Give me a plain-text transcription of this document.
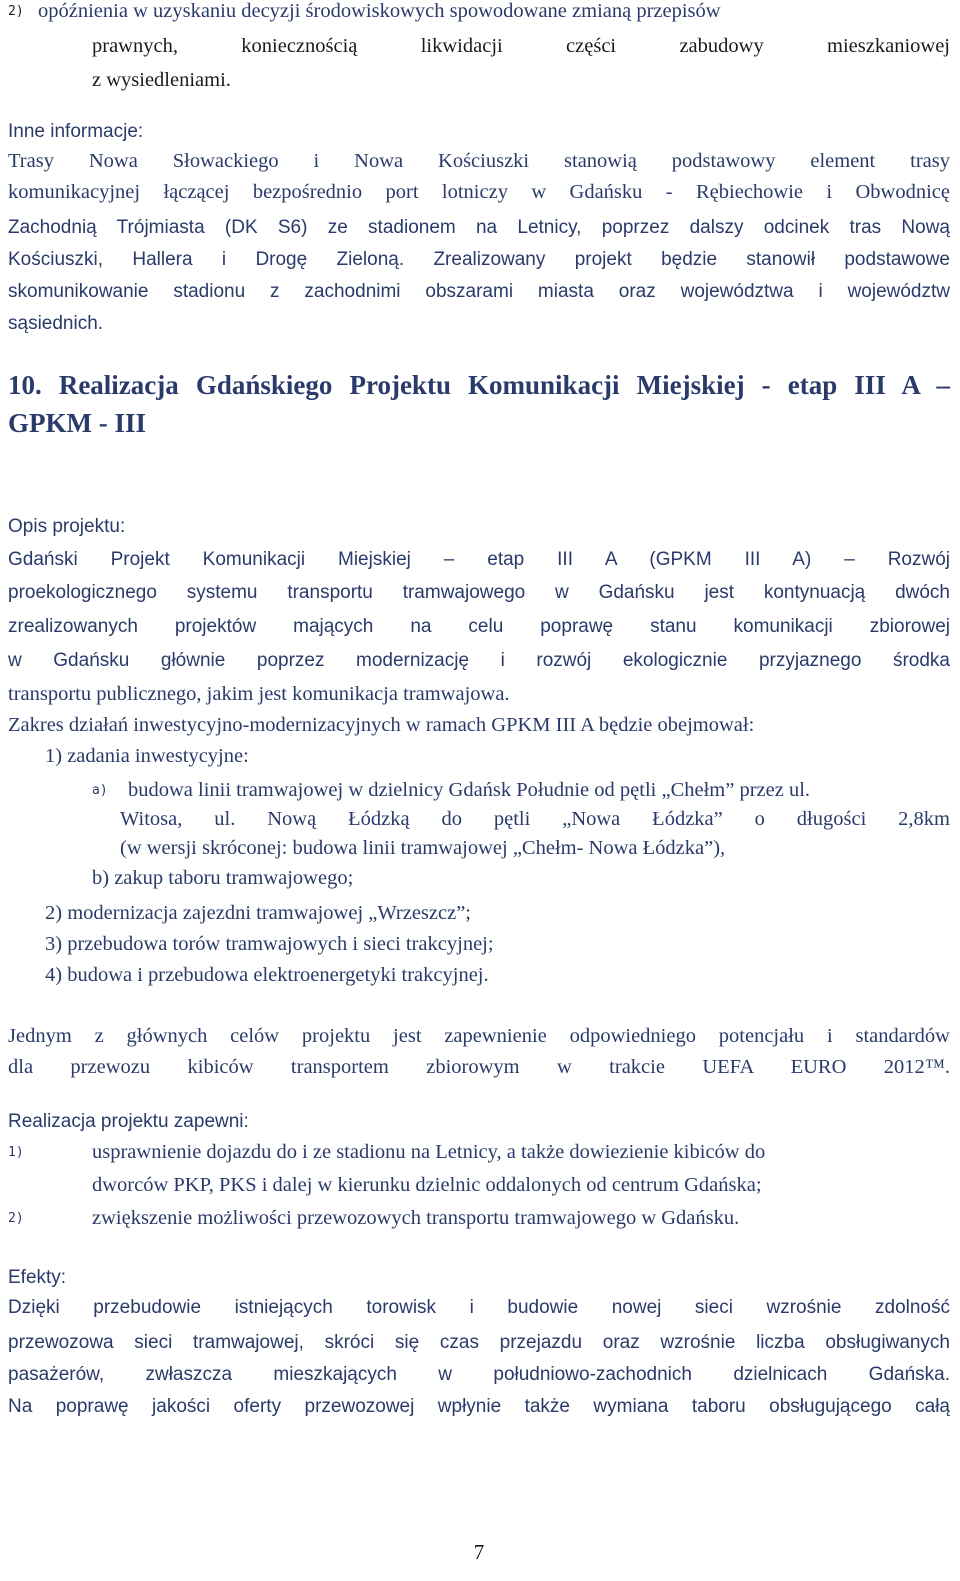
2) opóźnienia w uzyskaniu decyzji środowiskowych spowodowane zmianą przepisów
prawnych, koniecznością likwidacji części zabudowy mieszkaniowej
z wysiedleniami.
Inne informacje:
Trasy Nowa Słowackiego i Nowa Kościuszki stanowią podstawowy element trasy
komunikacyjnej łączącej bezpośrednio port lotniczy w Gdańsku - Rębiechowie i Obwodnicę
Zachodnią Trójmiasta (DK S6) ze stadionem na Letnicy, poprzez dalszy odcinek tras Nową
Kościuszki, Hallera i Drogę Zieloną. Zrealizowany projekt będzie stanowił podstawowe
skomunikowanie stadionu z zachodnimi obszarami miasta oraz województwa i województw
sąsiednich.
10. Realizacja Gdańskiego Projektu Komunikacji Miejskiej - etap III A –
GPKM - III
Opis projektu:
Gdański Projekt Komunikacji Miejskiej – etap III A (GPKM III A) – Rozwój
proekologicznego systemu transportu tramwajowego w Gdańsku jest kontynuacją dwóch
zrealizowanych projektów mających na celu poprawę stanu komunikacji zbiorowej
w Gdańsku głównie poprzez modernizację i rozwój ekologicznie przyjaznego środka
transportu publicznego, jakim jest komunikacja tramwajowa.
Zakres działań inwestycyjno-modernizacyjnych w ramach GPKM III A będzie obejmował:
1) zadania inwestycyjne:
a) budowa linii tramwajowej w dzielnicy Gdańsk Południe od pętli „Chełm” przez ul.
Witosa, ul. Nową Łódzką do pętli „Nowa Łódzka” o długości 2,8km
(w wersji skróconej: budowa linii tramwajowej „Chełm- Nowa Łódzka”),
b) zakup taboru tramwajowego;
2) modernizacja zajezdni tramwajowej „Wrzeszcz”;
3) przebudowa torów tramwajowych i sieci trakcyjnej;
4) budowa i przebudowa elektroenergetyki trakcyjnej.
Jednym z głównych celów projektu jest zapewnienie odpowiedniego potencjału i standardów
dla przewozu kibiców transportem zbiorowym w trakcie UEFA EURO 2012™.
Realizacja projektu zapewni:
1)	usprawnienie dojazdu do i ze stadionu na Letnicy, a także dowiezienie kibiców do
dworców PKP, PKS i dalej w kierunku dzielnic oddalonych od centrum Gdańska;
2)	zwiększenie możliwości przewozowych transportu tramwajowego w Gdańsku.
Efekty:
Dzięki przebudowie istniejących torowisk i budowie nowej sieci wzrośnie zdolność
przewozowa sieci tramwajowej, skróci się czas przejazdu oraz wzrośnie liczba obsługiwanych
pasażerów, zwłaszcza mieszkających w południowo-zachodnich dzielnicach Gdańska.
Na poprawę jakości oferty przewozowej wpłynie także wymiana taboru obsługującego całą
7
